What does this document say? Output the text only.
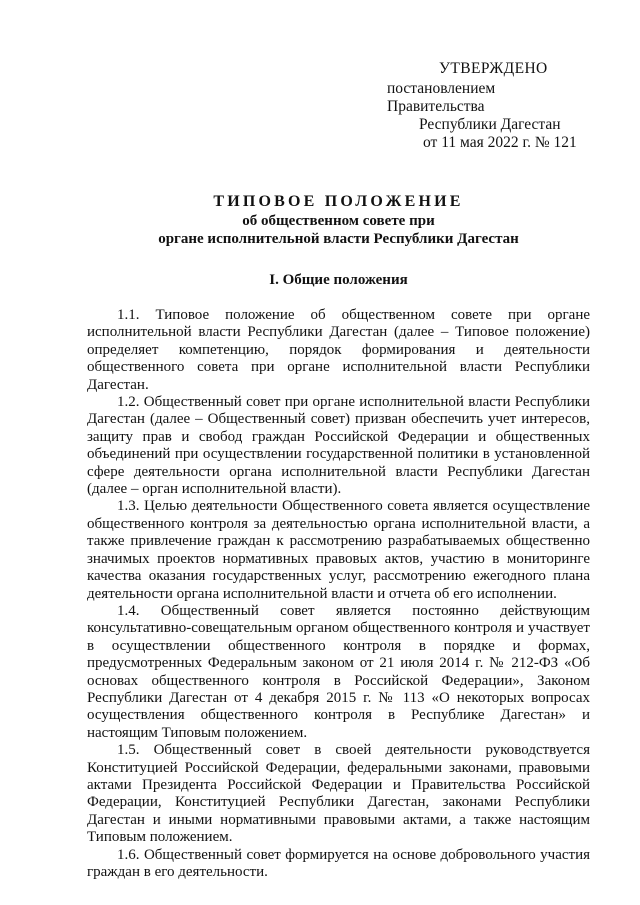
УТВЕРЖДЕНО
постановлением Правительства
Республики Дагестан
от 11 мая 2022 г. № 121
ТИПОВОЕ ПОЛОЖЕНИЕ
об общественном совете при
органе исполнительной власти Республики Дагестан
I. Общие положения

1.1. Типовое положение об общественном совете при органе исполнительной власти Республики Дагестан (далее – Типовое положение) определяет компетенцию, порядок формирования и деятельности общественного совета при органе исполнительной власти Республики Дагестан.

1.2. Общественный совет при органе исполнительной власти Республики Дагестан (далее – Общественный совет) призван обеспечить учет интересов, защиту прав и свобод граждан Российской Федерации и общественных объединений при осуществлении государственной политики в установленной сфере деятельности органа исполнительной власти Республики Дагестан (далее – орган исполнительной власти).

1.3. Целью деятельности Общественного совета является осуществление общественного контроля за деятельностью органа исполнительной власти, а также привлечение граждан к рассмотрению разрабатываемых общественно значимых проектов нормативных правовых актов, участию в мониторинге качества оказания государственных услуг, рассмотрению ежегодного плана деятельности органа исполнительной власти и отчета об его исполнении.

1.4. Общественный совет является постоянно действующим консультативно-совещательным органом общественного контроля и участвует в осуществлении общественного контроля в порядке и формах, предусмотренных Федеральным законом от 21 июля 2014 г. № 212-ФЗ «Об основах общественного контроля в Российской Федерации», Законом Республики Дагестан от 4 декабря 2015 г. № 113 «О некоторых вопросах осуществления общественного контроля в Республике Дагестан» и настоящим Типовым положением.

1.5. Общественный совет в своей деятельности руководствуется Конституцией Российской Федерации, федеральными законами, правовыми актами Президента Российской Федерации и Правительства Российской Федерации, Конституцией Республики Дагестан, законами Республики Дагестан и иными нормативными правовыми актами, а также настоящим Типовым положением.

1.6. Общественный совет формируется на основе добровольного участия граждан в его деятельности.
